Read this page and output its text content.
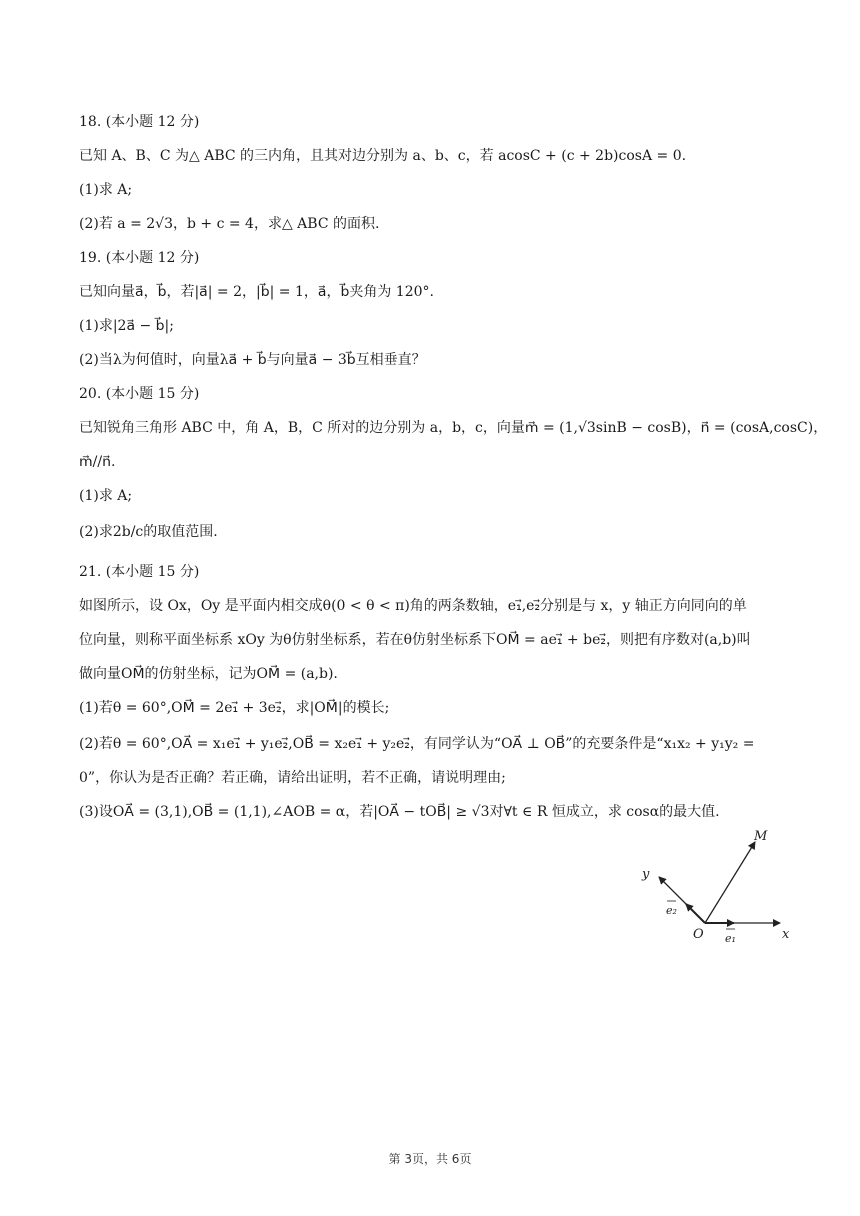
18. (本小题 12 分)
已知 A、B、C 为△ ABC 的三内角，且其对边分别为 a、b、c，若 acosC + (c + 2b)cosA = 0.
(1)求 A;
(2)若 a = 2√3，b + c = 4，求△ ABC 的面积.
19. (本小题 12 分)
已知向量a⃗，b⃗，若|a⃗| = 2，|b⃗| = 1，a⃗，b⃗夹角为 120°.
(1)求|2a⃗ − b⃗|;
(2)当λ为何值时，向量λa⃗ + b⃗与向量a⃗ − 3b⃗互相垂直？
20. (本小题 15 分)
已知锐角三角形 ABC 中，角 A，B，C 所对的边分别为 a，b，c，向量m⃗ = (1,√3sinB − cosB)，n⃗ = (cosA,cosC)，
m⃗//n⃗.
(1)求 A;
(2)求2b/c的取值范围.
21. (本小题 15 分)
如图所示，设 Ox，Oy 是平面内相交成θ(0 < θ < π)角的两条数轴，e₁⃗,e₂⃗分别是与 x，y 轴正方向同向的单
位向量，则称平面坐标系 xOy 为θ仿射坐标系，若在θ仿射坐标系下OM⃗ = ae₁⃗ + be₂⃗，则把有序数对(a,b)叫
做向量OM⃗的仿射坐标，记为OM⃗ = (a,b).
(1)若θ = 60°,OM⃗ = 2e₁⃗ + 3e₂⃗，求|OM⃗|的模长;
(2)若θ = 60°,OA⃗ = x₁e₁⃗ + y₁e₂⃗,OB⃗ = x₂e₁⃗ + y₂e₂⃗，有同学认为“OA⃗ ⊥ OB⃗”的充要条件是“x₁x₂ + y₁y₂ =
0”，你认为是否正确？若正确，请给出证明，若不正确，请说明理由;
(3)设OA⃗ = (3,1),OB⃗ = (1,1),∠AOB = α，若|OA⃗ − tOB⃗| ≥ √3对∀t ∈ R 恒成立，求 cosα的最大值.
M
y
e₂
O e₁	x
第 3页，共 6页
